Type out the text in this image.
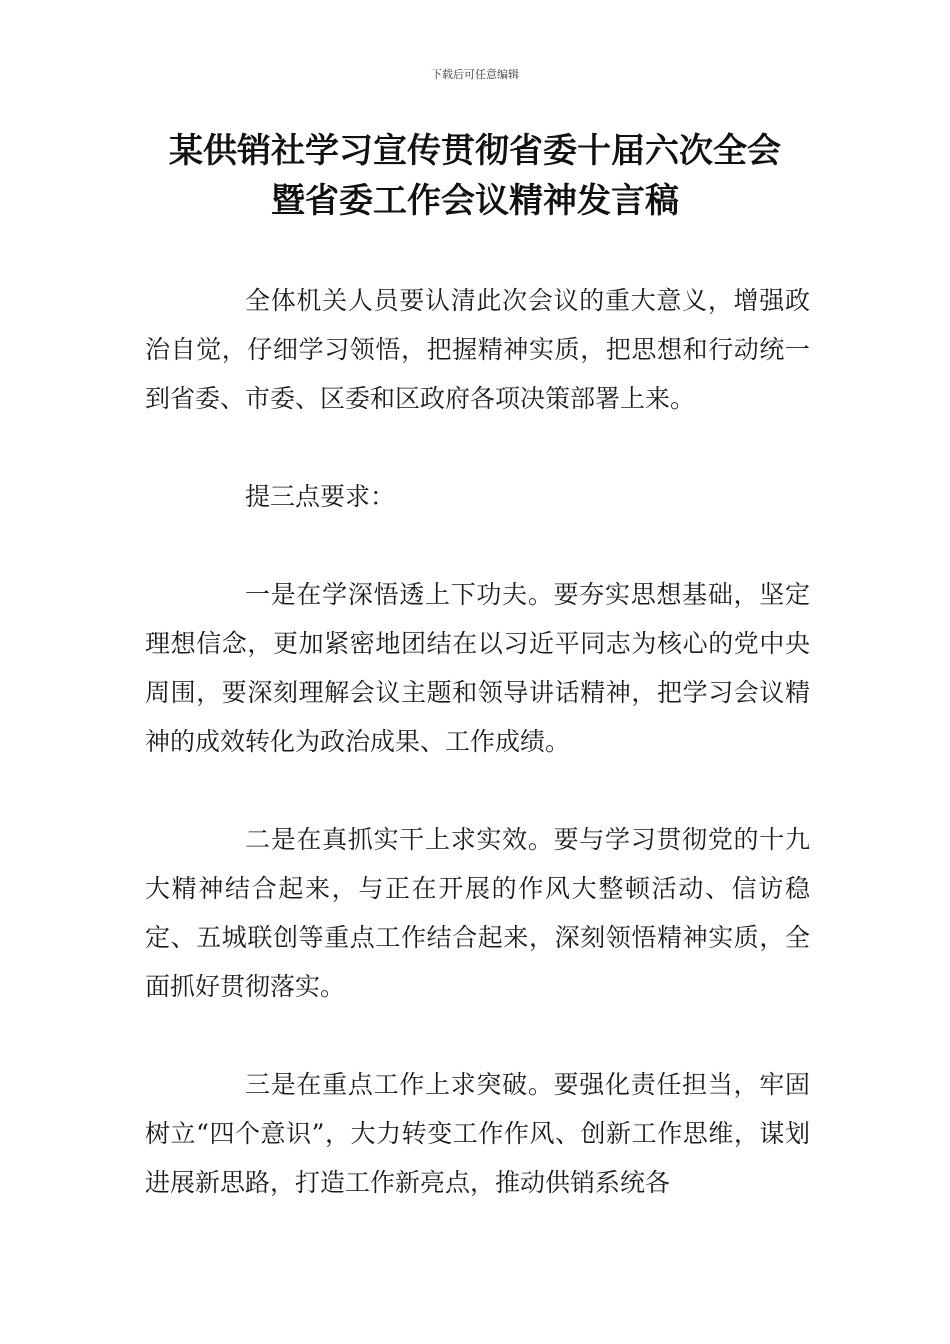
下载后可任意编辑
某供销社学习宣传贯彻省委十届六次全会
暨省委工作会议精神发言稿

全体机关人员要认清此次会议的重大意义，增强政治自觉，仔细学习领悟，把握精神实质，把思想和行动统一到省委、市委、区委和区政府各项决策部署上来。

提三点要求：

一是在学深悟透上下功夫。要夯实思想基础，坚定理想信念，更加紧密地团结在以习近平同志为核心的党中央周围，要深刻理解会议主题和领导讲话精神，把学习会议精神的成效转化为政治成果、工作成绩。

二是在真抓实干上求实效。要与学习贯彻党的十九大精神结合起来，与正在开展的作风大整顿活动、信访稳定、五城联创等重点工作结合起来，深刻领悟精神实质，全面抓好贯彻落实。

三是在重点工作上求突破。要强化责任担当，牢固树立“四个意识”，大力转变工作作风、创新工作思维，谋划进展新思路，打造工作新亮点，推动供销系统各
